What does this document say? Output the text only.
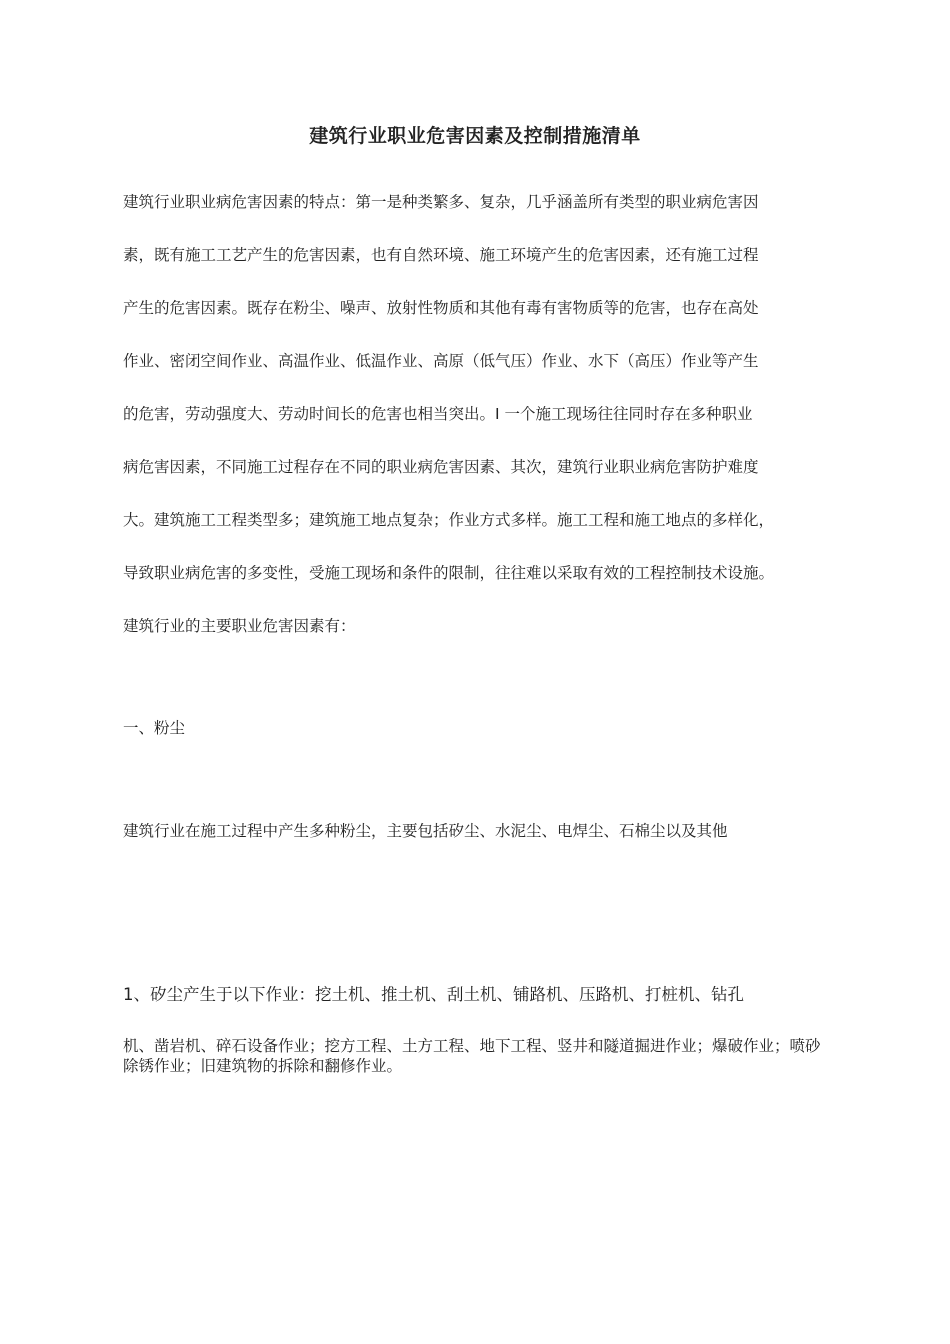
建筑行业职业危害因素及控制措施清单
建筑行业职业病危害因素的特点：第一是种类繁多、复杂，几乎涵盖所有类型的职业病危害因
素，既有施工工艺产生的危害因素，也有自然环境、施工环境产生的危害因素，还有施工过程
产生的危害因素。既存在粉尘、噪声、放射性物质和其他有毒有害物质等的危害，也存在高处
作业、密闭空间作业、高温作业、低温作业、高原（低气压）作业、水下（高压）作业等产生
的危害，劳动强度大、劳动时间长的危害也相当突出。I 一个施工现场往往同时存在多种职业
病危害因素，不同施工过程存在不同的职业病危害因素、其次，建筑行业职业病危害防护难度
大。建筑施工工程类型多；建筑施工地点复杂；作业方式多样。施工工程和施工地点的多样化，
导致职业病危害的多变性，受施工现场和条件的限制，往往难以采取有效的工程控制技术设施。
建筑行业的主要职业危害因素有：
一、粉尘
建筑行业在施工过程中产生多种粉尘，主要包括矽尘、水泥尘、电焊尘、石棉尘以及其他
1、矽尘产生于以下作业：挖土机、推土机、刮土机、铺路机、压路机、打桩机、钻孔
机、凿岩机、碎石设备作业；挖方工程、土方工程、地下工程、竖井和隧道掘进作业；爆破作业；喷砂除锈作业；旧建筑物的拆除和翻修作业。
